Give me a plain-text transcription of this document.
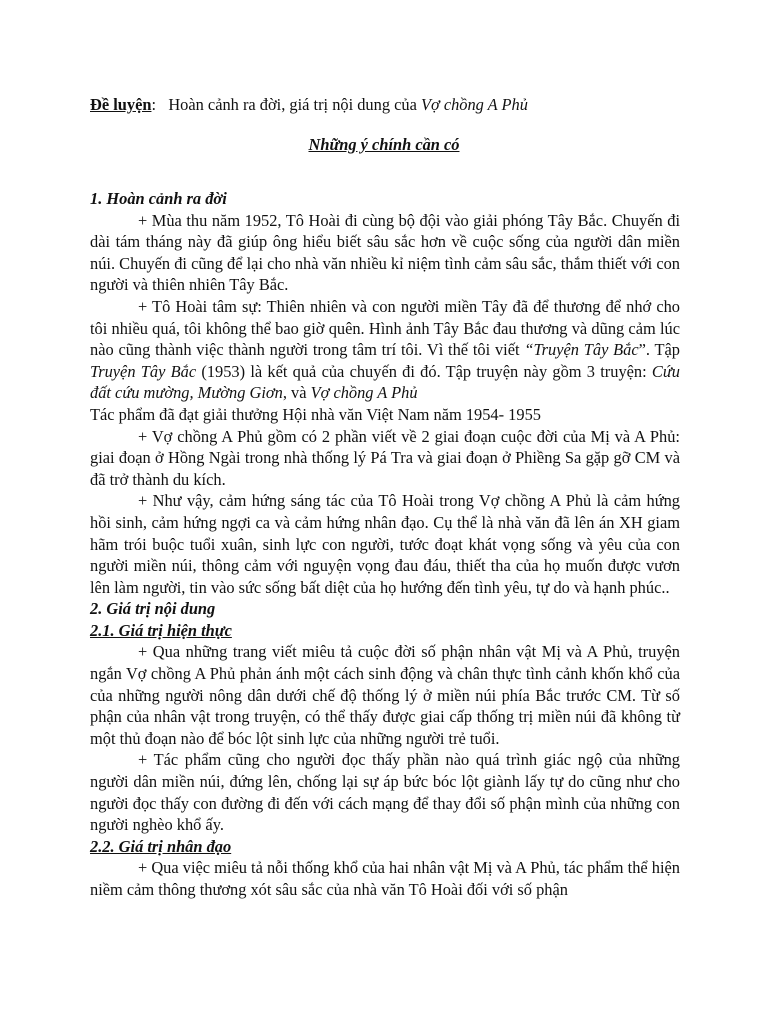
Đề luyện: Hoàn cảnh ra đời, giá trị nội dung của Vợ chồng A Phủ
Những ý chính cần có
1. Hoàn cảnh ra đời

+ Mùa thu năm 1952, Tô Hoài đi cùng bộ đội vào giải phóng Tây Bắc. Chuyến đi dài tám tháng này đã giúp ông hiểu biết sâu sắc hơn về cuộc sống của người dân miền núi. Chuyến đi cũng để lại cho nhà văn nhiều kỉ niệm tình cảm sâu sắc, thắm thiết với con người và thiên nhiên Tây Bắc.

+ Tô Hoài tâm sự: Thiên nhiên và con người miền Tây đã để thương để nhớ cho tôi nhiều quá, tôi không thể bao giờ quên. Hình ảnh Tây Bắc đau thương và dũng cảm lúc nào cũng thành việc thành người trong tâm trí tôi. Vì thế tôi viết “Truyện Tây Bắc”. Tập Truyện Tây Bắc (1953) là kết quả của chuyến đi đó. Tập truyện này gồm 3 truyện: Cứu đất cứu mường, Mường Giơn, và Vợ chồng A Phủ

Tác phẩm đã đạt giải thưởng Hội nhà văn Việt Nam năm 1954- 1955

+ Vợ chồng A Phủ gồm có 2 phần viết về 2 giai đoạn cuộc đời của Mị và A Phủ: giai đoạn ở Hồng Ngài trong nhà thống lý Pá Tra và giai đoạn ở Phiềng Sa gặp gỡ CM và đã trở thành du kích.

+ Như vậy, cảm hứng sáng tác của Tô Hoài trong Vợ chồng A Phủ là cảm hứng hồi sinh, cảm hứng ngợi ca và cảm hứng nhân đạo. Cụ thể là nhà văn đã lên án XH giam hãm trói buộc tuổi xuân, sinh lực con người, tước đoạt khát vọng sống và yêu của con người miền núi, thông cảm với nguyện vọng đau đáu, thiết tha của họ muốn được vươn lên làm người, tin vào sức sống bất diệt của họ hướng đến tình yêu, tự do và hạnh phúc..

2. Giá trị nội dung
2.1. Giá trị hiện thực

+ Qua những trang viết miêu tả cuộc đời số phận nhân vật Mị và A Phủ, truyện ngắn Vợ chồng A Phủ phản ánh một cách sinh động và chân thực tình cảnh khốn khổ của của những người nông dân dưới chế độ thống lý ở miền núi phía Bắc trước CM. Từ số phận của nhân vật trong truyện, có thể thấy được giai cấp thống trị miền núi đã không từ một thủ đoạn nào để bóc lột sinh lực của những người trẻ tuổi.

+ Tác phẩm cũng cho người đọc thấy phần nào quá trình giác ngộ của những người dân miền núi, đứng lên, chống lại sự áp bức bóc lột giành lấy tự do cũng như cho người đọc thấy con đường đi đến với cách mạng để thay đổi số phận mình của những con người nghèo khổ ấy.

2.2. Giá trị nhân đạo

+ Qua việc miêu tả nỗi thống khổ của hai nhân vật Mị và A Phủ, tác phẩm thể hiện niềm cảm thông thương xót sâu sắc của nhà văn Tô Hoài đối với số phận
